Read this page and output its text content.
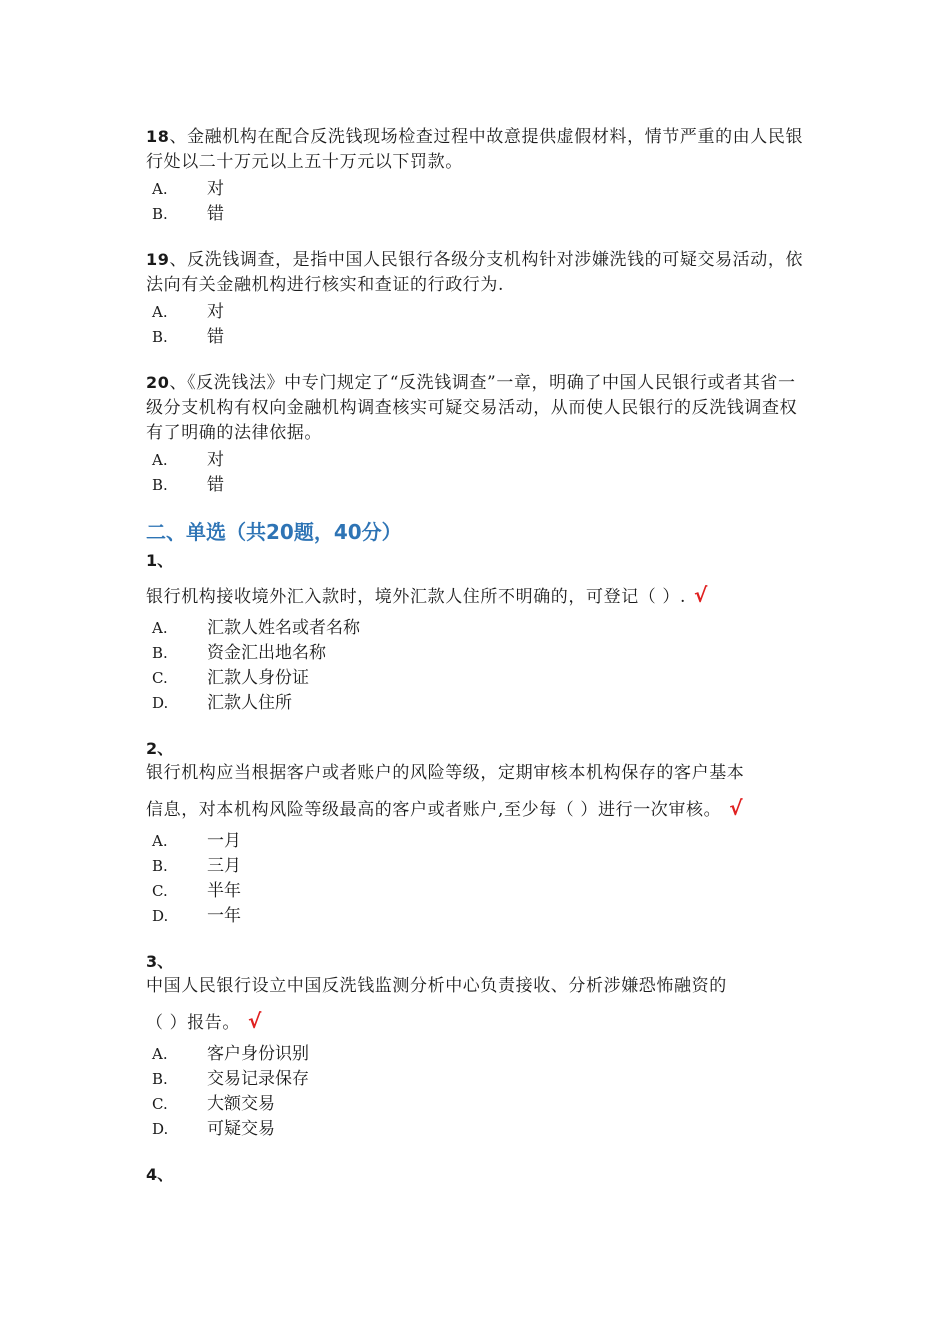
18、金融机构在配合反洗钱现场检查过程中故意提供虚假材料，情节严重的由人民银行处以二十万元以上五十万元以下罚款。

A.	对
B.	错

19、反洗钱调查，是指中国人民银行各级分支机构针对涉嫌洗钱的可疑交易活动，依法向有关金融机构进行核实和查证的行政行为.

A.	对
B.	错

20、《反洗钱法》中专门规定了“反洗钱调查”一章，明确了中国人民银行或者其省一级分支机构有权向金融机构调查核实可疑交易活动，从而使人民银行的反洗钱调查权有了明确的法律依据。

A.	对
B.	错
二、单选（共20题，40分）

1、

银行机构接收境外汇入款时，境外汇款人住所不明确的，可登记（ ）. √

A.	汇款人姓名或者名称
B.	资金汇出地名称
C.	汇款人身份证
D.	汇款人住所

2、

银行机构应当根据客户或者账户的风险等级，定期审核本机构保存的客户基本

信息，对本机构风险等级最高的客户或者账户,至少每（ ）进行一次审核。 √

A.	一月
B.	三月
C.	半年
D.	一年

3、

中国人民银行设立中国反洗钱监测分析中心负责接收、分析涉嫌恐怖融资的

（ ）报告。 √

A.	客户身份识别
B.	交易记录保存
C.	大额交易
D.	可疑交易

4、
